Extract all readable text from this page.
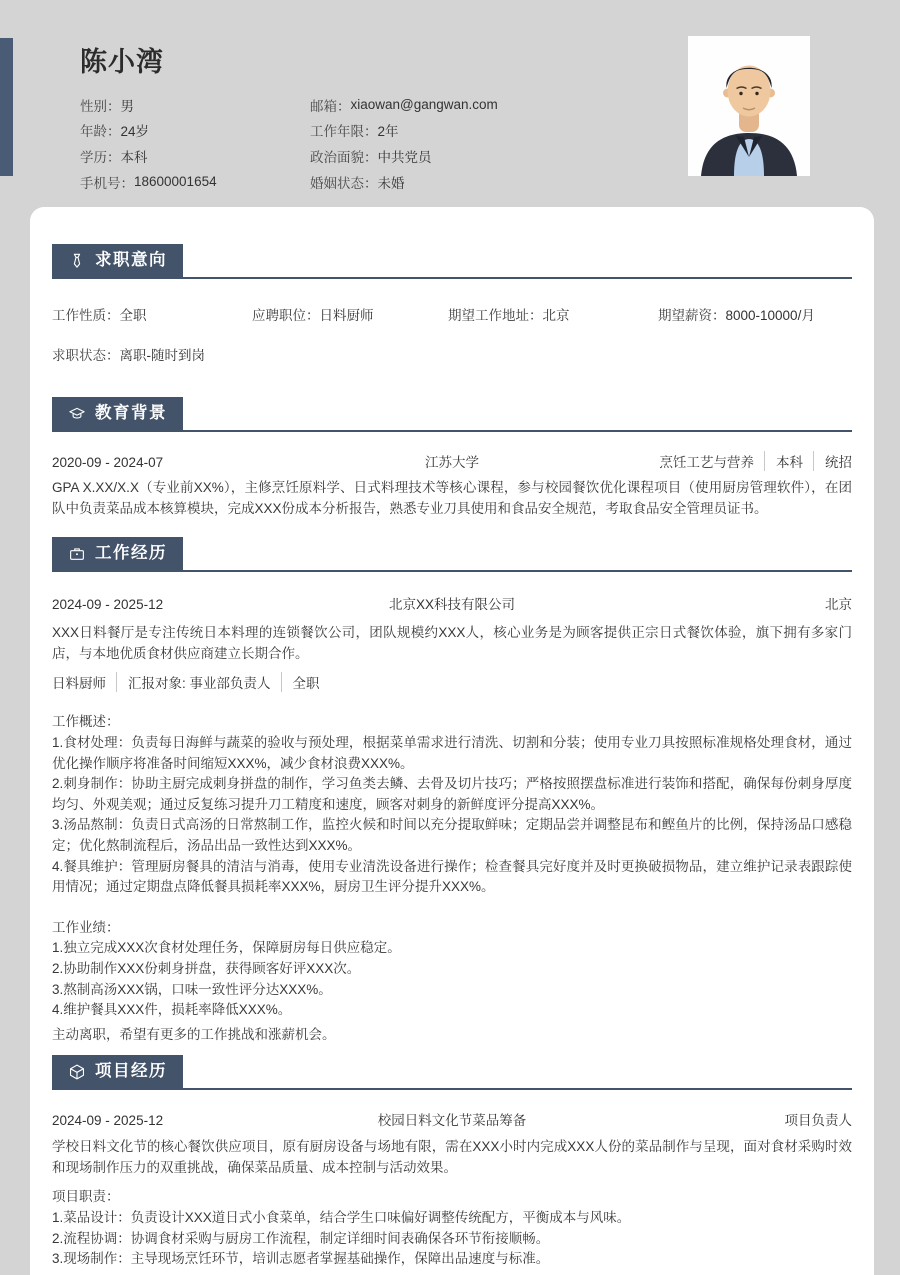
陈小湾
性别： 男
年龄： 24岁
学历： 本科
手机号： 18600001654
邮箱： xiaowan@gangwan.com
工作年限： 2年
政治面貌： 中共党员
婚姻状态： 未婚
求职意向
工作性质：全职	应聘职位：日料厨师	期望工作地址：北京	期望薪资：8000-10000/月
求职状态：离职-随时到岗
教育背景
2020-09 - 2024-07	江苏大学	烹饪工艺与营养	本科	统招

GPA X.XX/X.X（专业前XX%），主修烹饪原料学、日式料理技术等核心课程，参与校园餐饮优化课程项目（使用厨房管理软件），在团队中负责菜品成本核算模块，完成XXX份成本分析报告，熟悉专业刀具使用和食品安全规范，考取食品安全管理员证书。

工作经历
2024-09 - 2025-12	北京XX科技有限公司	北京

XXX日料餐厅是专注传统日本料理的连锁餐饮公司，团队规模约XXX人，核心业务是为顾客提供正宗日式餐饮体验，旗下拥有多家门店，与本地优质食材供应商建立长期合作。

日料厨师	汇报对象: 事业部负责人	全职

工作概述：

1.食材处理：负责每日海鲜与蔬菜的验收与预处理，根据菜单需求进行清洗、切割和分装；使用专业刀具按照标准规格处理食材，通过优化操作顺序将准备时间缩短XXX%，减少食材浪费XXX%。

2.刺身制作：协助主厨完成刺身拼盘的制作，学习鱼类去鳞、去骨及切片技巧；严格按照摆盘标准进行装饰和搭配，确保每份刺身厚度均匀、外观美观；通过反复练习提升刀工精度和速度，顾客对刺身的新鲜度评分提高XXX%。

3.汤品熬制：负责日式高汤的日常熬制工作，监控火候和时间以充分提取鲜味；定期品尝并调整昆布和鲣鱼片的比例，保持汤品口感稳定；优化熬制流程后，汤品出品一致性达到XXX%。

4.餐具维护：管理厨房餐具的清洁与消毒，使用专业清洗设备进行操作；检查餐具完好度并及时更换破损物品，建立维护记录表跟踪使用情况；通过定期盘点降低餐具损耗率XXX%，厨房卫生评分提升XXX%。

工作业绩：

1.独立完成XXX次食材处理任务，保障厨房每日供应稳定。

2.协助制作XXX份刺身拼盘，获得顾客好评XXX次。

3.熬制高汤XXX锅，口味一致性评分达XXX%。

4.维护餐具XXX件，损耗率降低XXX%。

主动离职，希望有更多的工作挑战和涨薪机会。

项目经历
2024-09 - 2025-12	校园日料文化节菜品筹备	项目负责人

学校日料文化节的核心餐饮供应项目，原有厨房设备与场地有限，需在XXX小时内完成XXX人份的菜品制作与呈现，面对食材采购时效和现场制作压力的双重挑战，确保菜品质量、成本控制与活动效果。

项目职责：

1.菜品设计：负责设计XXX道日式小食菜单，结合学生口味偏好调整传统配方，平衡成本与风味。

2.流程协调：协调食材采购与厨房工作流程，制定详细时间表确保各环节衔接顺畅。

3.现场制作：主导现场烹饪环节，培训志愿者掌握基础操作，保障出品速度与标准。
